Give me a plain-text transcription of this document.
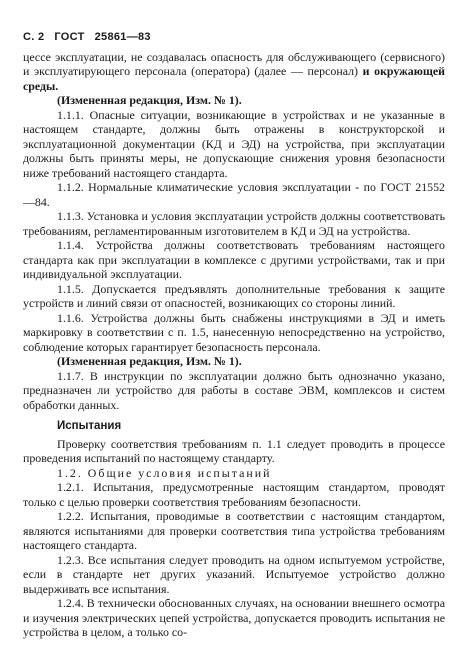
С. 2 ГОСТ 25861—83

цессе эксплуатации, не создавалась опасность для обслуживающего (сервисного) и эксплуатирующего персонала (оператора) (далее — персонал) и окружающей среды.

(Измененная редакция, Изм. № 1).

1.1.1. Опасные ситуации, возникающие в устройствах и не указанные в настоящем стандарте, должны быть отражены в конструкторской и эксплуатационной документации (КД и ЭД) на устройства, при эксплуатации должны быть приняты меры, не допускающие снижения уровня безопасности ниже требований настоящего стандарта.

1.1.2. Нормальные климатические условия эксплуатации - по ГОСТ 21552—84.

1.1.3. Установка и условия эксплуатации устройств должны соответствовать требованиям, регламентированным изготовителем в КД и ЭД на устройства.

1.1.4. Устройства должны соответствовать требованиям настоящего стандарта как при эксплуатации в комплексе с другими устройствами, так и при индивидуальной эксплуатации.

1.1.5. Допускается предъявлять дополнительные требования к защите устройств и линий связи от опасностей, возникающих со стороны линий.

1.1.6. Устройства должны быть снабжены инструкциями в ЭД и иметь маркировку в соответствии с п. 1.5, нанесенную непосредственно на устройство, соблюдение которых гарантирует безопасность персонала.

(Измененная редакция, Изм. № 1).

1.1.7. В инструкции по эксплуатации должно быть однозначно указано, предназначен ли устройство для работы в составе ЭВМ, комплексов и систем обработки данных.

Испытания

Проверку соответствия требованиям п. 1.1 следует проводить в процессе проведения испытаний по настоящему стандарту.

1.2. Общие условия испытаний

1.2.1. Испытания, предусмотренные настоящим стандартом, проводят только с целью проверки соответствия требованиям безопасности.

1.2.2. Испытания, проводимые в соответствии с настоящим стандартом, являются испытаниями для проверки соответствия типа устройства требованиям настоящего стандарта.

1.2.3. Все испытания следует проводить на одном испытуемом устройстве, если в стандарте нет других указаний. Испытуемое устройство должно выдерживать все испытания.

1.2.4. В технически обоснованных случаях, на основании внешнего осмотра и изучения электрических цепей устройства, допускается проводить испытания не устройства в целом, а только со-
